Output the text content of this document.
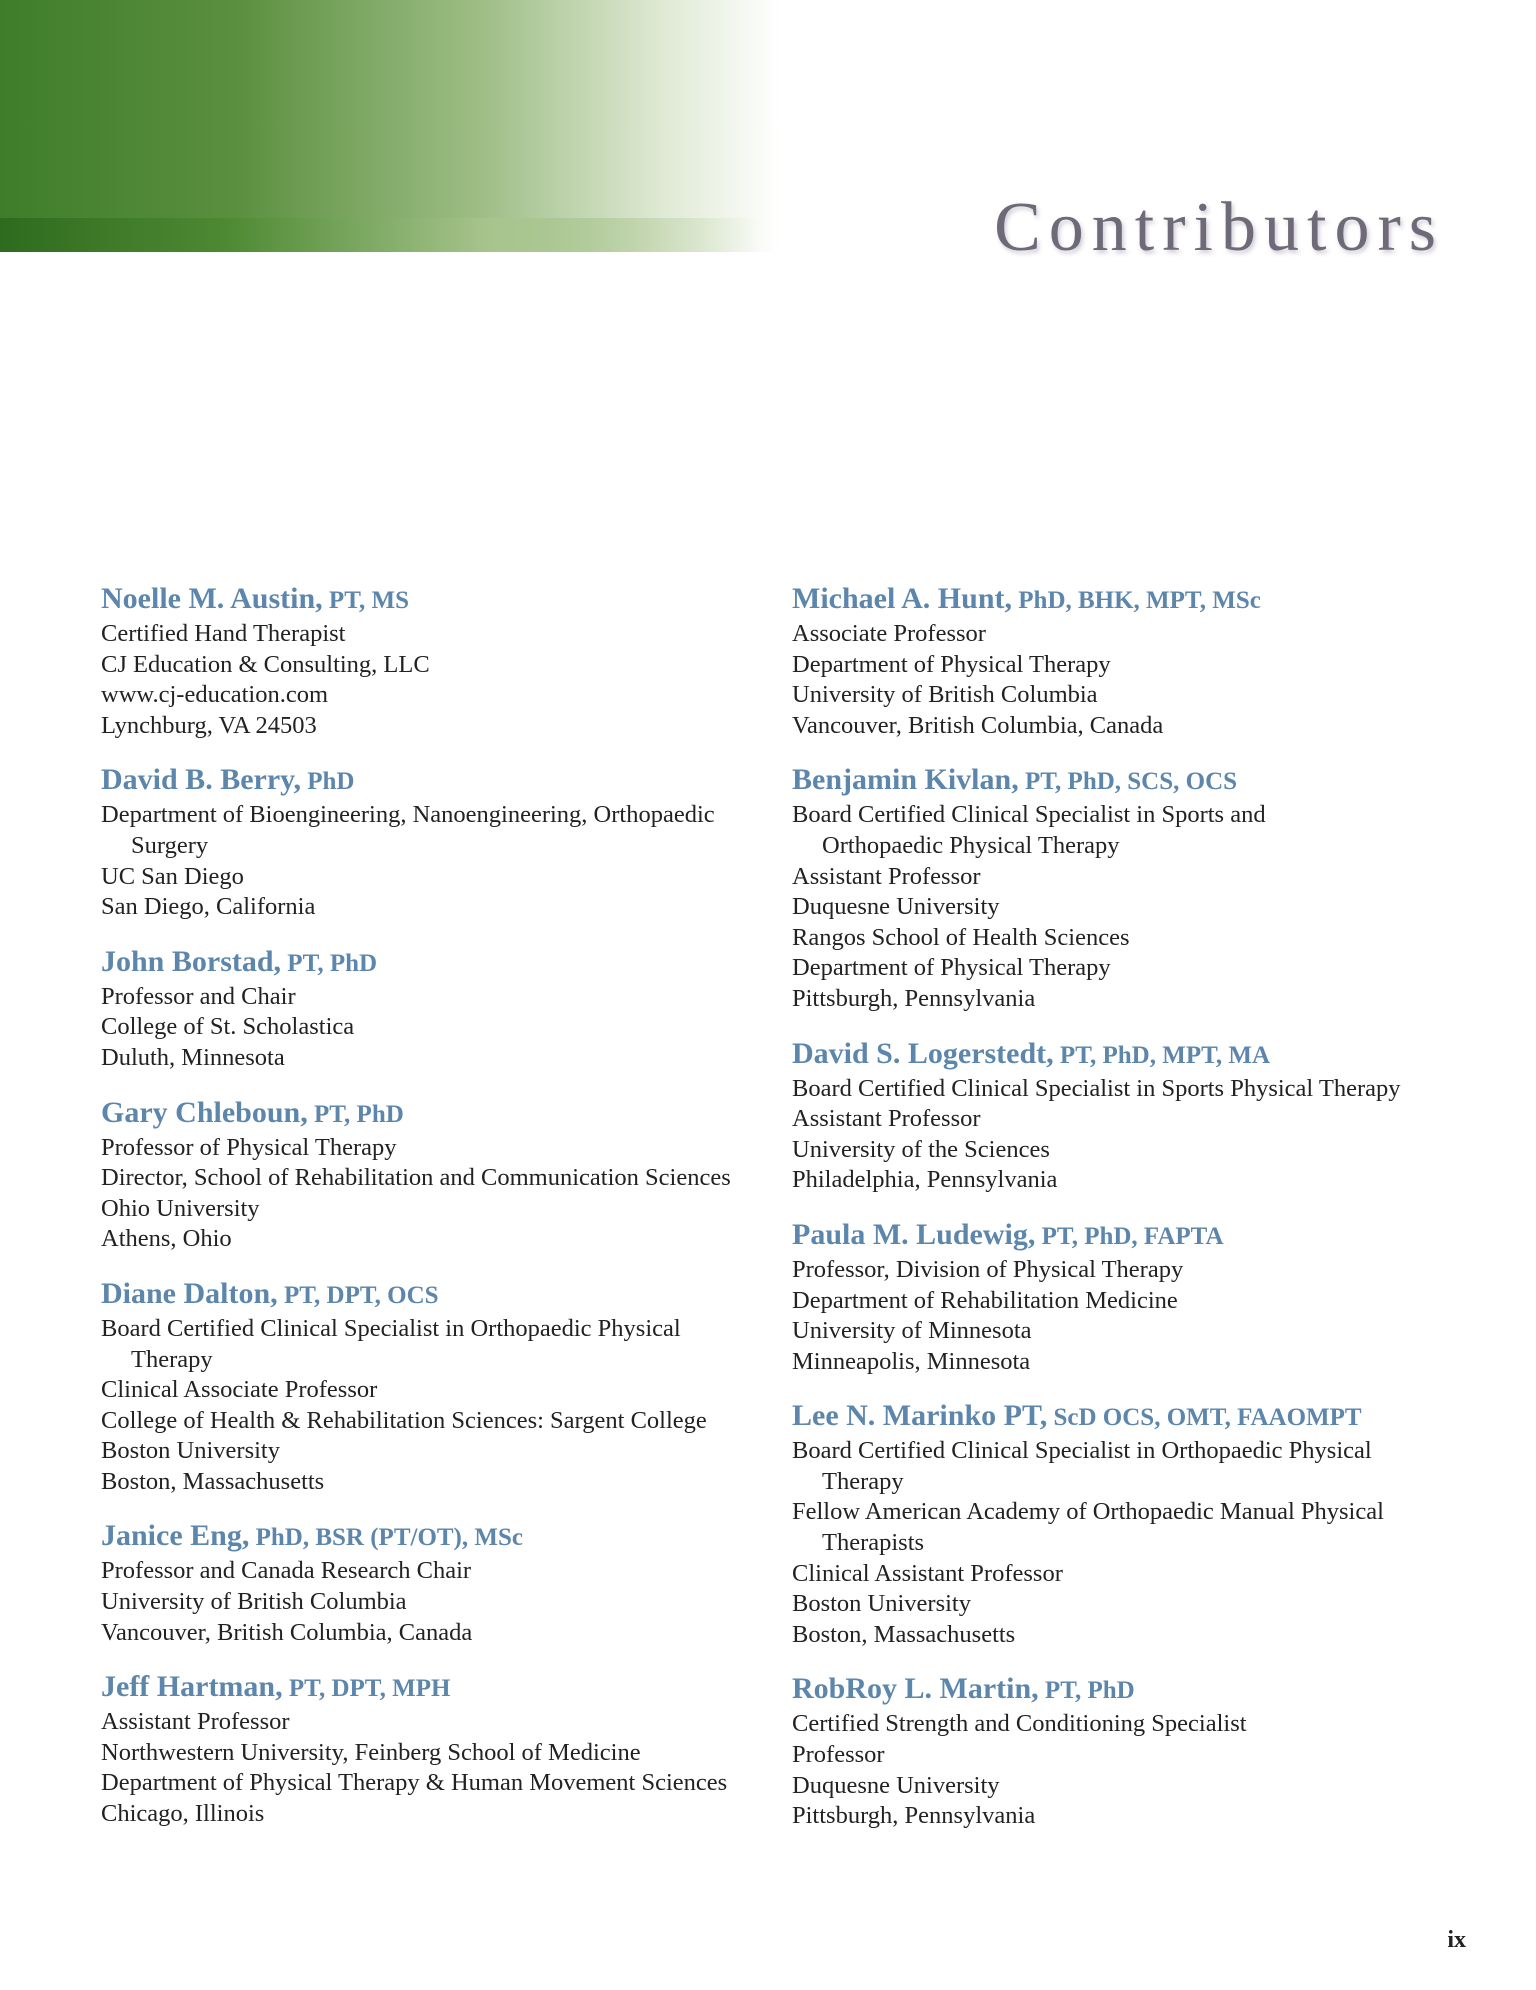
Contributors
Noelle M. Austin, PT, MS
Certified Hand Therapist
CJ Education & Consulting, LLC
www.cj-education.com
Lynchburg, VA 24503
David B. Berry, PhD
Department of Bioengineering, Nanoengineering, Orthopaedic Surgery
UC San Diego
San Diego, California
John Borstad, PT, PhD
Professor and Chair
College of St. Scholastica
Duluth, Minnesota
Gary Chleboun, PT, PhD
Professor of Physical Therapy
Director, School of Rehabilitation and Communication Sciences
Ohio University
Athens, Ohio
Diane Dalton, PT, DPT, OCS
Board Certified Clinical Specialist in Orthopaedic Physical Therapy
Clinical Associate Professor
College of Health & Rehabilitation Sciences: Sargent College
Boston University
Boston, Massachusetts
Janice Eng, PhD, BSR (PT/OT), MSc
Professor and Canada Research Chair
University of British Columbia
Vancouver, British Columbia, Canada
Jeff Hartman, PT, DPT, MPH
Assistant Professor
Northwestern University, Feinberg School of Medicine
Department of Physical Therapy & Human Movement Sciences
Chicago, Illinois
Michael A. Hunt, PhD, BHK, MPT, MSc
Associate Professor
Department of Physical Therapy
University of British Columbia
Vancouver, British Columbia, Canada
Benjamin Kivlan, PT, PhD, SCS, OCS
Board Certified Clinical Specialist in Sports and Orthopaedic Physical Therapy
Assistant Professor
Duquesne University
Rangos School of Health Sciences
Department of Physical Therapy
Pittsburgh, Pennsylvania
David S. Logerstedt, PT, PhD, MPT, MA
Board Certified Clinical Specialist in Sports Physical Therapy
Assistant Professor
University of the Sciences
Philadelphia, Pennsylvania
Paula M. Ludewig, PT, PhD, FAPTA
Professor, Division of Physical Therapy
Department of Rehabilitation Medicine
University of Minnesota
Minneapolis, Minnesota
Lee N. Marinko PT, ScD OCS, OMT, FAAOMPT
Board Certified Clinical Specialist in Orthopaedic Physical Therapy
Fellow American Academy of Orthopaedic Manual Physical Therapists
Clinical Assistant Professor
Boston University
Boston, Massachusetts
RobRoy L. Martin, PT, PhD
Certified Strength and Conditioning Specialist
Professor
Duquesne University
Pittsburgh, Pennsylvania
ix
